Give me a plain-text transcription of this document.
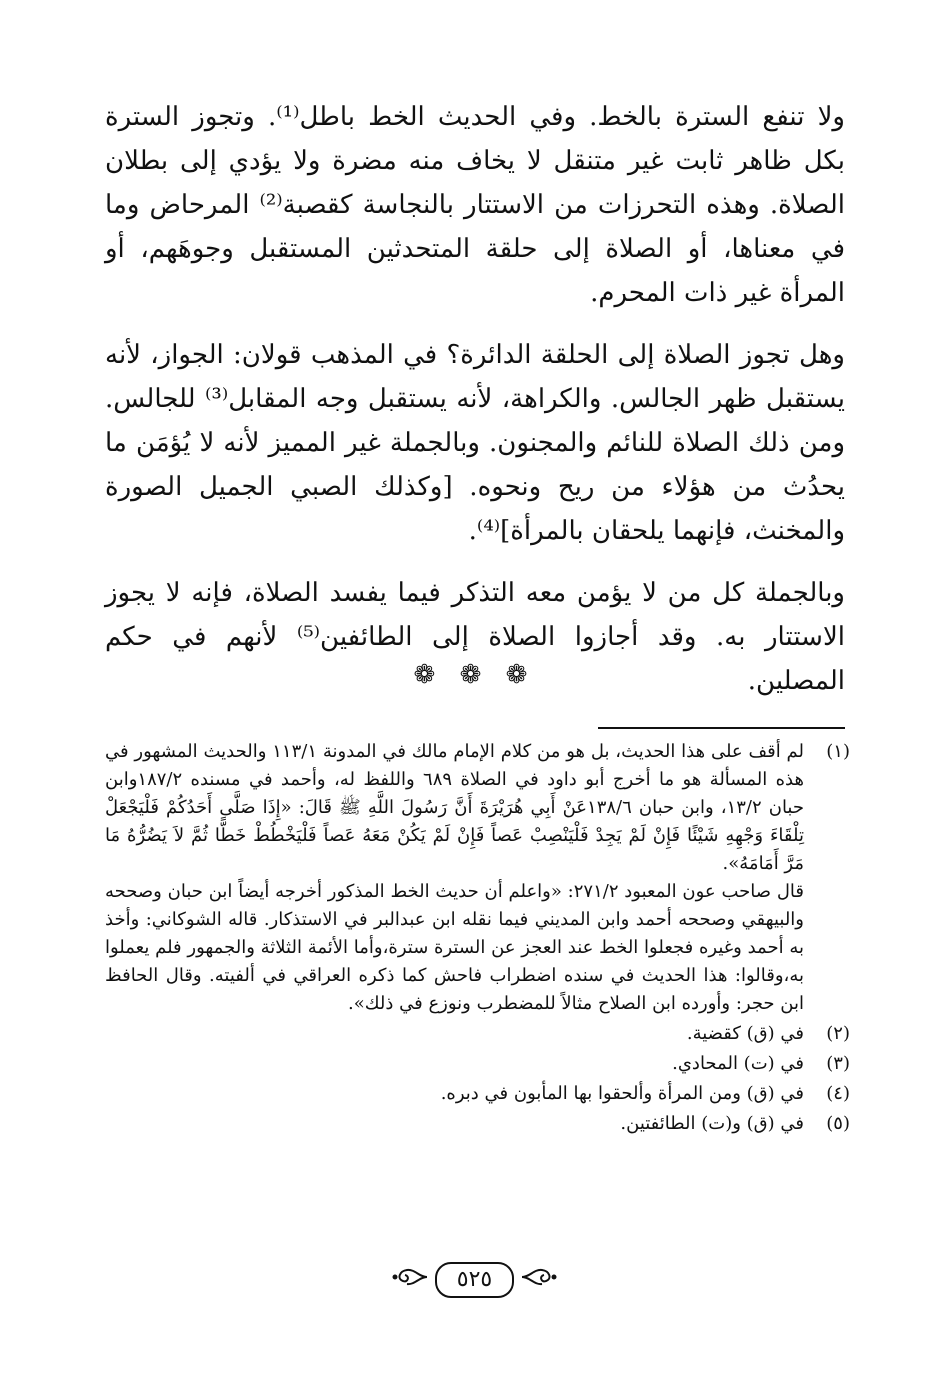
ولا تنفع السترة بالخط. وفي الحديث الخط باطل⁽¹⁾. وتجوز السترة بكل ظاهر ثابت غير متنقل لا يخاف منه مضرة ولا يؤدي إلى بطلان الصلاة. وهذه التحرزات من الاستتار بالنجاسة كقصبة⁽²⁾ المرحاض وما في معناها، أو الصلاة إلى حلقة المتحدثين المستقبل وجوهَهم، أو المرأة غير ذات المحرم.

وهل تجوز الصلاة إلى الحلقة الدائرة؟ في المذهب قولان: الجواز، لأنه يستقبل ظهر الجالس. والكراهة، لأنه يستقبل وجه المقابل⁽³⁾ للجالس. ومن ذلك الصلاة للنائم والمجنون. وبالجملة غير المميز لأنه لا يُؤمَن ما يحدُث من هؤلاء من ريح ونحوه. [وكذلك الصبي الجميل الصورة والمخنث، فإنهما يلحقان بالمرأة]⁽⁴⁾.

وبالجملة كل من لا يؤمن معه التذكر فيما يفسد الصلاة، فإنه لا يجوز الاستتار به. وقد أجازوا الصلاة إلى الطائفين⁽⁵⁾ لأنهم في حكم المصلين.

❁ ❁ ❁
(١)

لم أقف على هذا الحديث، بل هو من كلام الإمام مالك في المدونة ١١٣/١ والحديث المشهور في هذه المسألة هو ما أخرج أبو داود في الصلاة ٦٨٩ واللفظ له، وأحمد في مسنده ١٨٧/٢وابن حبان ١٣/٢، وابن حبان ١٣٨/٦عَنْ أَبِي هُرَيْرَةَ أَنَّ رَسُولَ اللَّهِ ﷺ قَالَ: «إِذَا صَلَّى أَحَدُكُمْ فَلْيَجْعَلْ تِلْقَاءَ وَجْهِهِ شَيْئًا فَإِنْ لَمْ يَجِدْ فَلْيَنْصِبْ عَصاً فَإِنْ لَمْ يَكُنْ مَعَهُ عَصاً فَلْيَخْطُطْ خَطًّا ثُمَّ لاَ يَضُرُّهُ مَا مَرَّ أَمَامَهُ».

قال صاحب عون المعبود ٢٧١/٢: «واعلم أن حديث الخط المذكور أخرجه أيضاً ابن حبان وصححه والبيهقي وصححه أحمد وابن المديني فيما نقله ابن عبدالبر في الاستذكار. قاله الشوكاني: وأخذ به أحمد وغيره فجعلوا الخط عند العجز عن السترة سترة،وأما الأئمة الثلاثة والجمهور فلم يعملوا به،وقالوا: هذا الحديث في سنده اضطراب فاحش كما ذكره العراقي في ألفيته. وقال الحافظ ابن حجر: وأورده ابن الصلاح مثالاً للمضطرب ونوزع في ذلك».

(٢)

في (ق) كقضية.

(٣)

في (ت) المحادي.

(٤)

في (ق) ومن المرأة وألحقوا بها المأبون في دبره.

(٥)

في (ق) و(ت) الطائفتين.

٥٢٥
